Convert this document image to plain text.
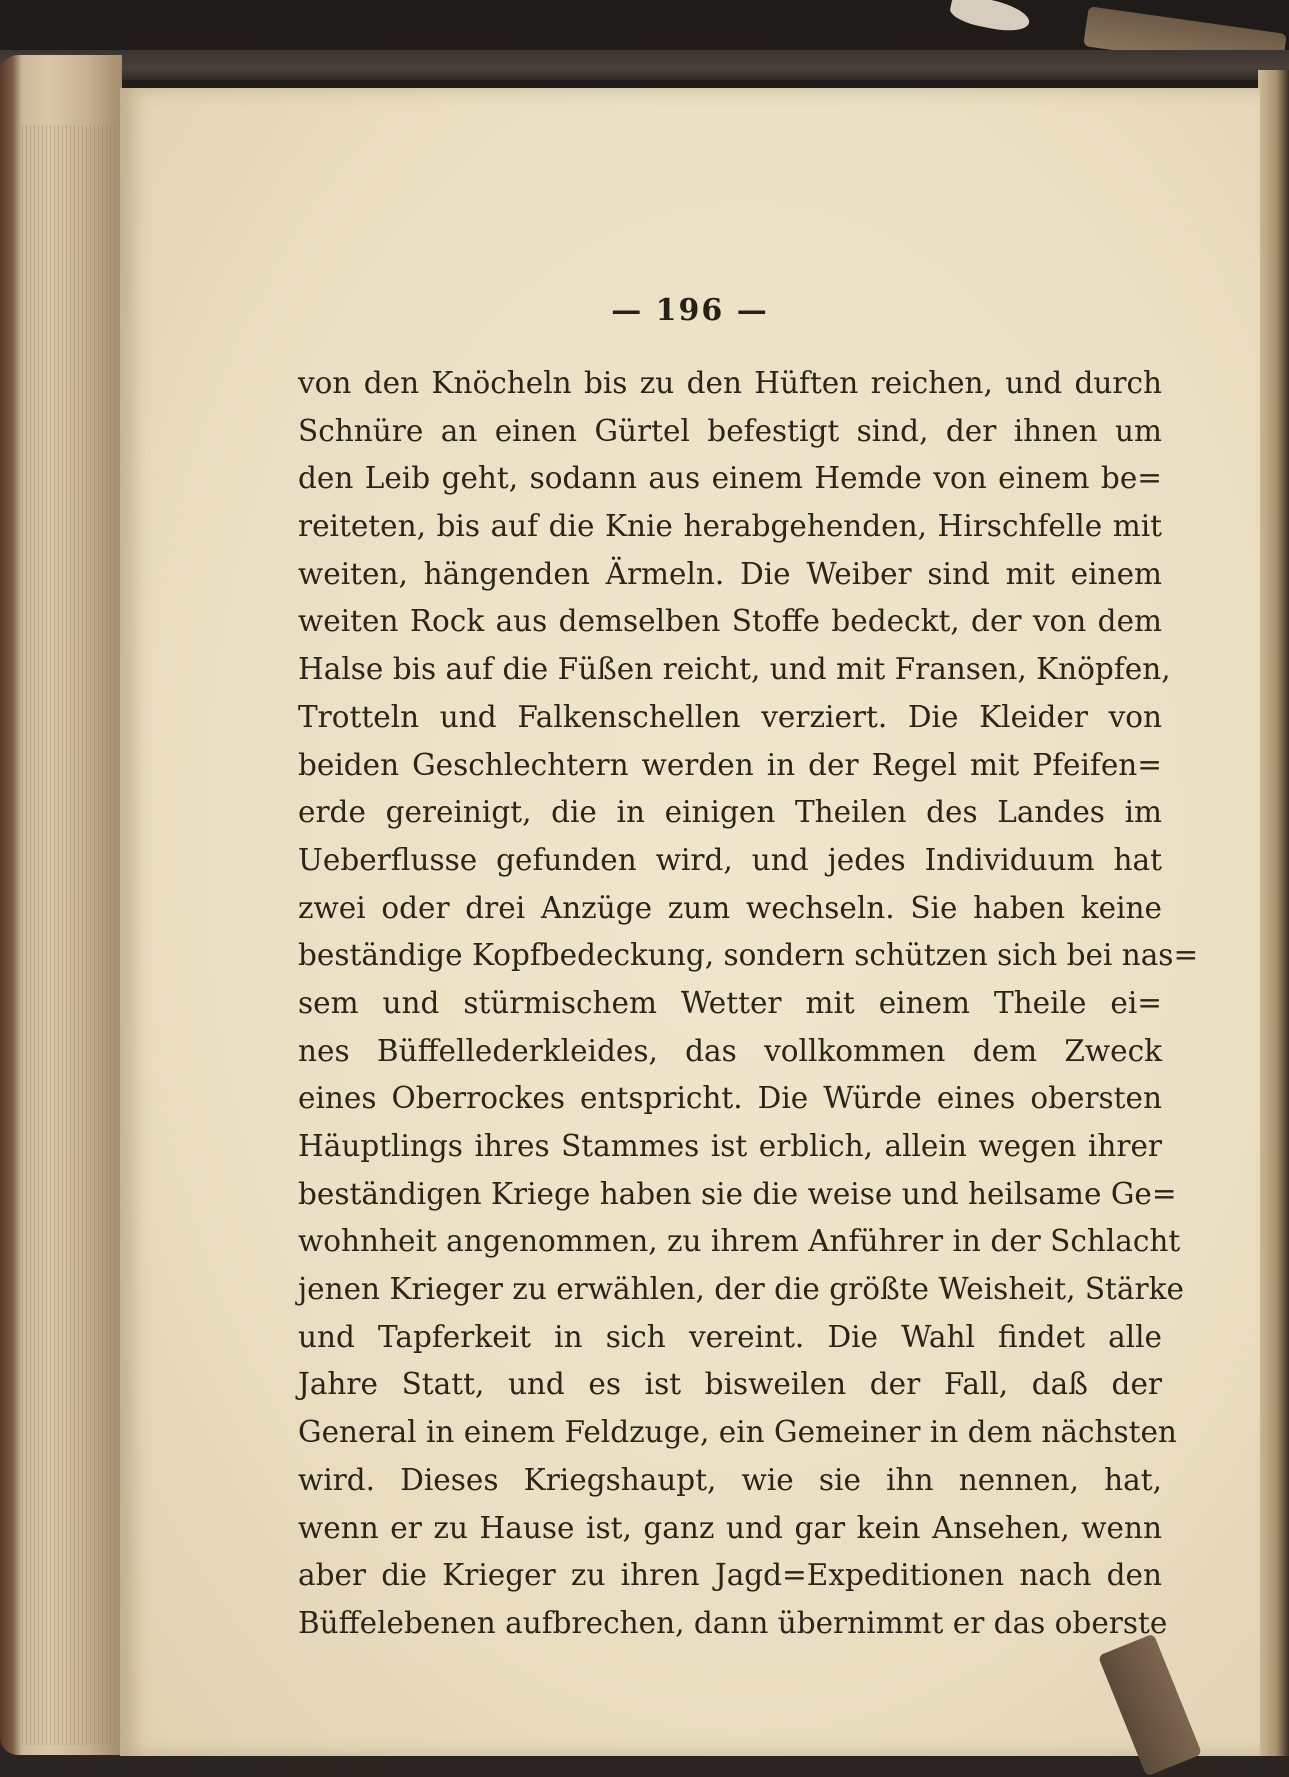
— 196 —
von den Knöcheln bis zu den Hüften reichen, und durch
Schnüre an einen Gürtel befestigt sind, der ihnen um
den Leib geht, sodann aus einem Hemde von einem be=
reiteten, bis auf die Knie herabgehenden, Hirschfelle mit
weiten, hängenden Ärmeln. Die Weiber sind mit einem
weiten Rock aus demselben Stoffe bedeckt, der von dem
Halse bis auf die Füßen reicht, und mit Fransen, Knöpfen,
Trotteln und Falkenschellen verziert. Die Kleider von
beiden Geschlechtern werden in der Regel mit Pfeifen=
erde gereinigt, die in einigen Theilen des Landes im
Ueberflusse gefunden wird, und jedes Individuum hat
zwei oder drei Anzüge zum wechseln. Sie haben keine
beständige Kopfbedeckung, sondern schützen sich bei nas=
sem und stürmischem Wetter mit einem Theile ei=
nes Büffellederkleides, das vollkommen dem Zweck
eines Oberrockes entspricht. Die Würde eines obersten
Häuptlings ihres Stammes ist erblich, allein wegen ihrer
beständigen Kriege haben sie die weise und heilsame Ge=
wohnheit angenommen, zu ihrem Anführer in der Schlacht
jenen Krieger zu erwählen, der die größte Weisheit, Stärke
und Tapferkeit in sich vereint. Die Wahl findet alle
Jahre Statt, und es ist bisweilen der Fall, daß der
General in einem Feldzuge, ein Gemeiner in dem nächsten
wird. Dieses Kriegshaupt, wie sie ihn nennen, hat,
wenn er zu Hause ist, ganz und gar kein Ansehen, wenn
aber die Krieger zu ihren Jagd=Expeditionen nach den
Büffelebenen aufbrechen, dann übernimmt er das oberste
